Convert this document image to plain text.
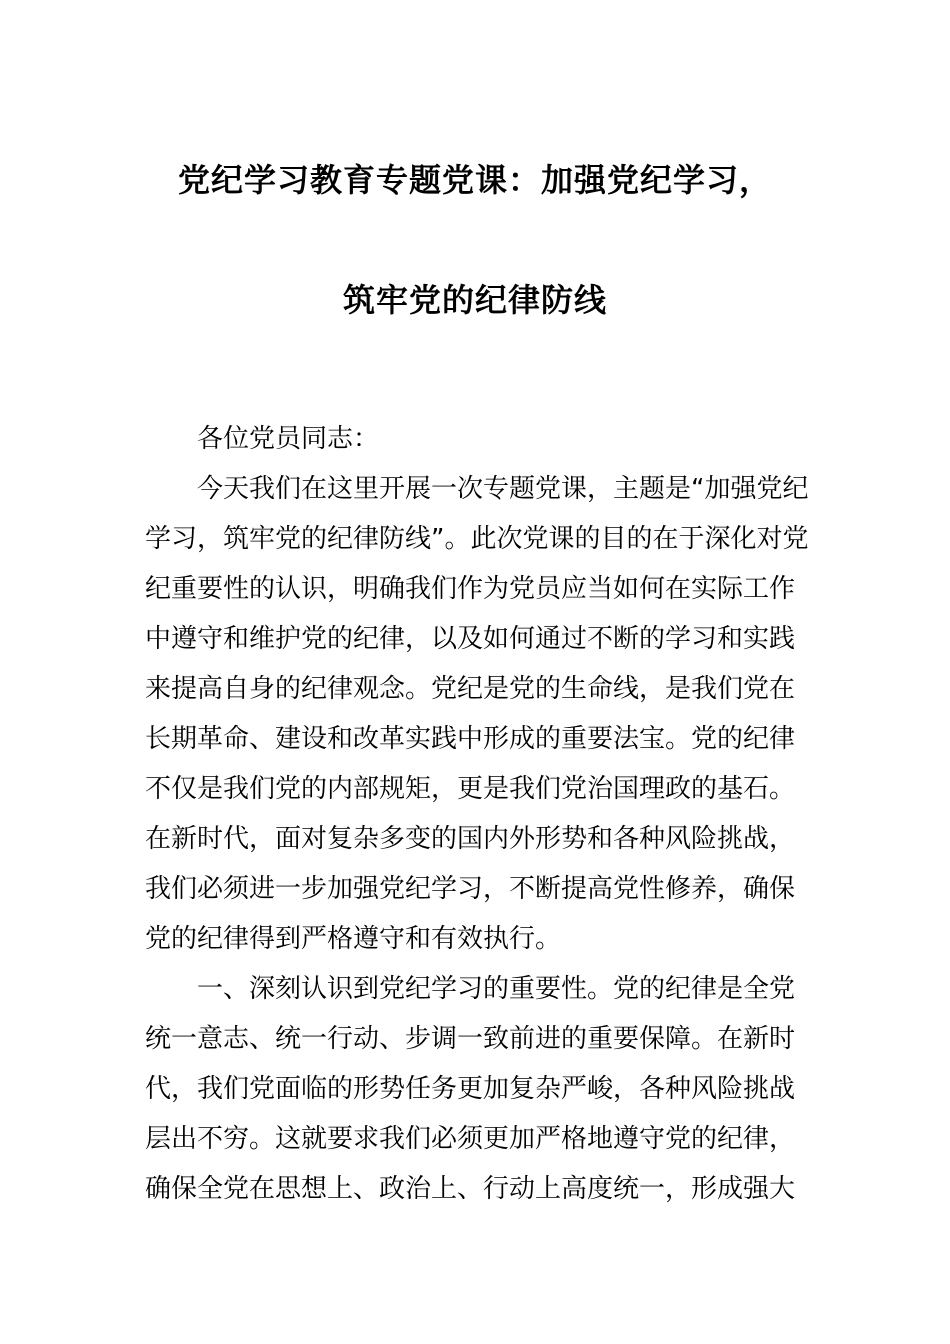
党纪学习教育专题党课：加强党纪学习，
筑牢党的纪律防线
各位党员同志：
今天我们在这里开展一次专题党课，主题是“加强党纪
学习，筑牢党的纪律防线”。此次党课的目的在于深化对党
纪重要性的认识，明确我们作为党员应当如何在实际工作
中遵守和维护党的纪律，以及如何通过不断的学习和实践
来提高自身的纪律观念。党纪是党的生命线，是我们党在
长期革命、建设和改革实践中形成的重要法宝。党的纪律
不仅是我们党的内部规矩，更是我们党治国理政的基石。
在新时代，面对复杂多变的国内外形势和各种风险挑战，
我们必须进一步加强党纪学习，不断提高党性修养，确保
党的纪律得到严格遵守和有效执行。
一、深刻认识到党纪学习的重要性。党的纪律是全党
统一意志、统一行动、步调一致前进的重要保障。在新时
代，我们党面临的形势任务更加复杂严峻，各种风险挑战
层出不穷。这就要求我们必须更加严格地遵守党的纪律，
确保全党在思想上、政治上、行动上高度统一，形成强大
